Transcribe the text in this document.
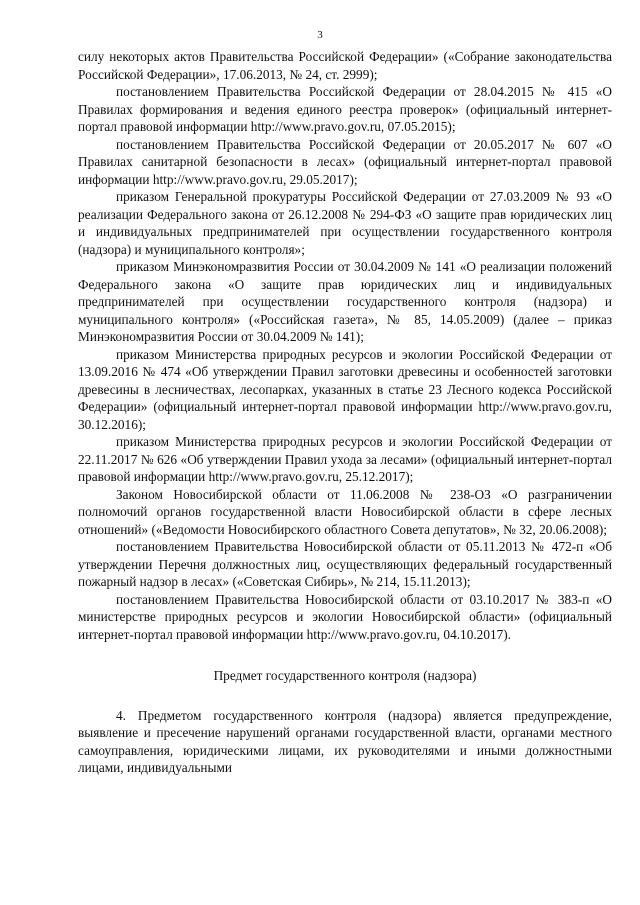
3

силу некоторых актов Правительства Российской Федерации» («Собрание законодательства Российской Федерации», 17.06.2013, № 24, ст. 2999);

постановлением Правительства Российской Федерации от 28.04.2015 № 415 «О Правилах формирования и ведения единого реестра проверок» (официальный интернет-портал правовой информации http://www.pravo.gov.ru, 07.05.2015);

постановлением Правительства Российской Федерации от 20.05.2017 № 607 «О Правилах санитарной безопасности в лесах» (официальный интернет-портал правовой информации http://www.pravo.gov.ru, 29.05.2017);

приказом Генеральной прокуратуры Российской Федерации от 27.03.2009 № 93 «О реализации Федерального закона от 26.12.2008 № 294-ФЗ «О защите прав юридических лиц и индивидуальных предпринимателей при осуществлении государственного контроля (надзора) и муниципального контроля»;

приказом Минэкономразвития России от 30.04.2009 № 141 «О реализации положений Федерального закона «О защите прав юридических лиц и индивидуальных предпринимателей при осуществлении государственного контроля (надзора) и муниципального контроля» («Российская газета», № 85, 14.05.2009) (далее – приказ Минэкономразвития России от 30.04.2009 № 141);

приказом Министерства природных ресурсов и экологии Российской Федерации от 13.09.2016 № 474 «Об утверждении Правил заготовки древесины и особенностей заготовки древесины в лесничествах, лесопарках, указанных в статье 23 Лесного кодекса Российской Федерации» (официальный интернет-портал правовой информации http://www.pravo.gov.ru, 30.12.2016);

приказом Министерства природных ресурсов и экологии Российской Федерации от 22.11.2017 № 626 «Об утверждении Правил ухода за лесами» (официальный интернет-портал правовой информации http://www.pravo.gov.ru, 25.12.2017);

Законом Новосибирской области от 11.06.2008 № 238-ОЗ «О разграничении полномочий органов государственной власти Новосибирской области в сфере лесных отношений» («Ведомости Новосибирского областного Совета депутатов», № 32, 20.06.2008);

постановлением Правительства Новосибирской области от 05.11.2013 № 472-п «Об утверждении Перечня должностных лиц, осуществляющих федеральный государственный пожарный надзор в лесах» («Советская Сибирь», № 214, 15.11.2013);

постановлением Правительства Новосибирской области от 03.10.2017 № 383-п «О министерстве природных ресурсов и экологии Новосибирской области» (официальный интернет-портал правовой информации http://www.pravo.gov.ru, 04.10.2017).

Предмет государственного контроля (надзора)

4. Предметом государственного контроля (надзора) является предупреждение, выявление и пресечение нарушений органами государственной власти, органами местного самоуправления, юридическими лицами, их руководителями и иными должностными лицами, индивидуальными
